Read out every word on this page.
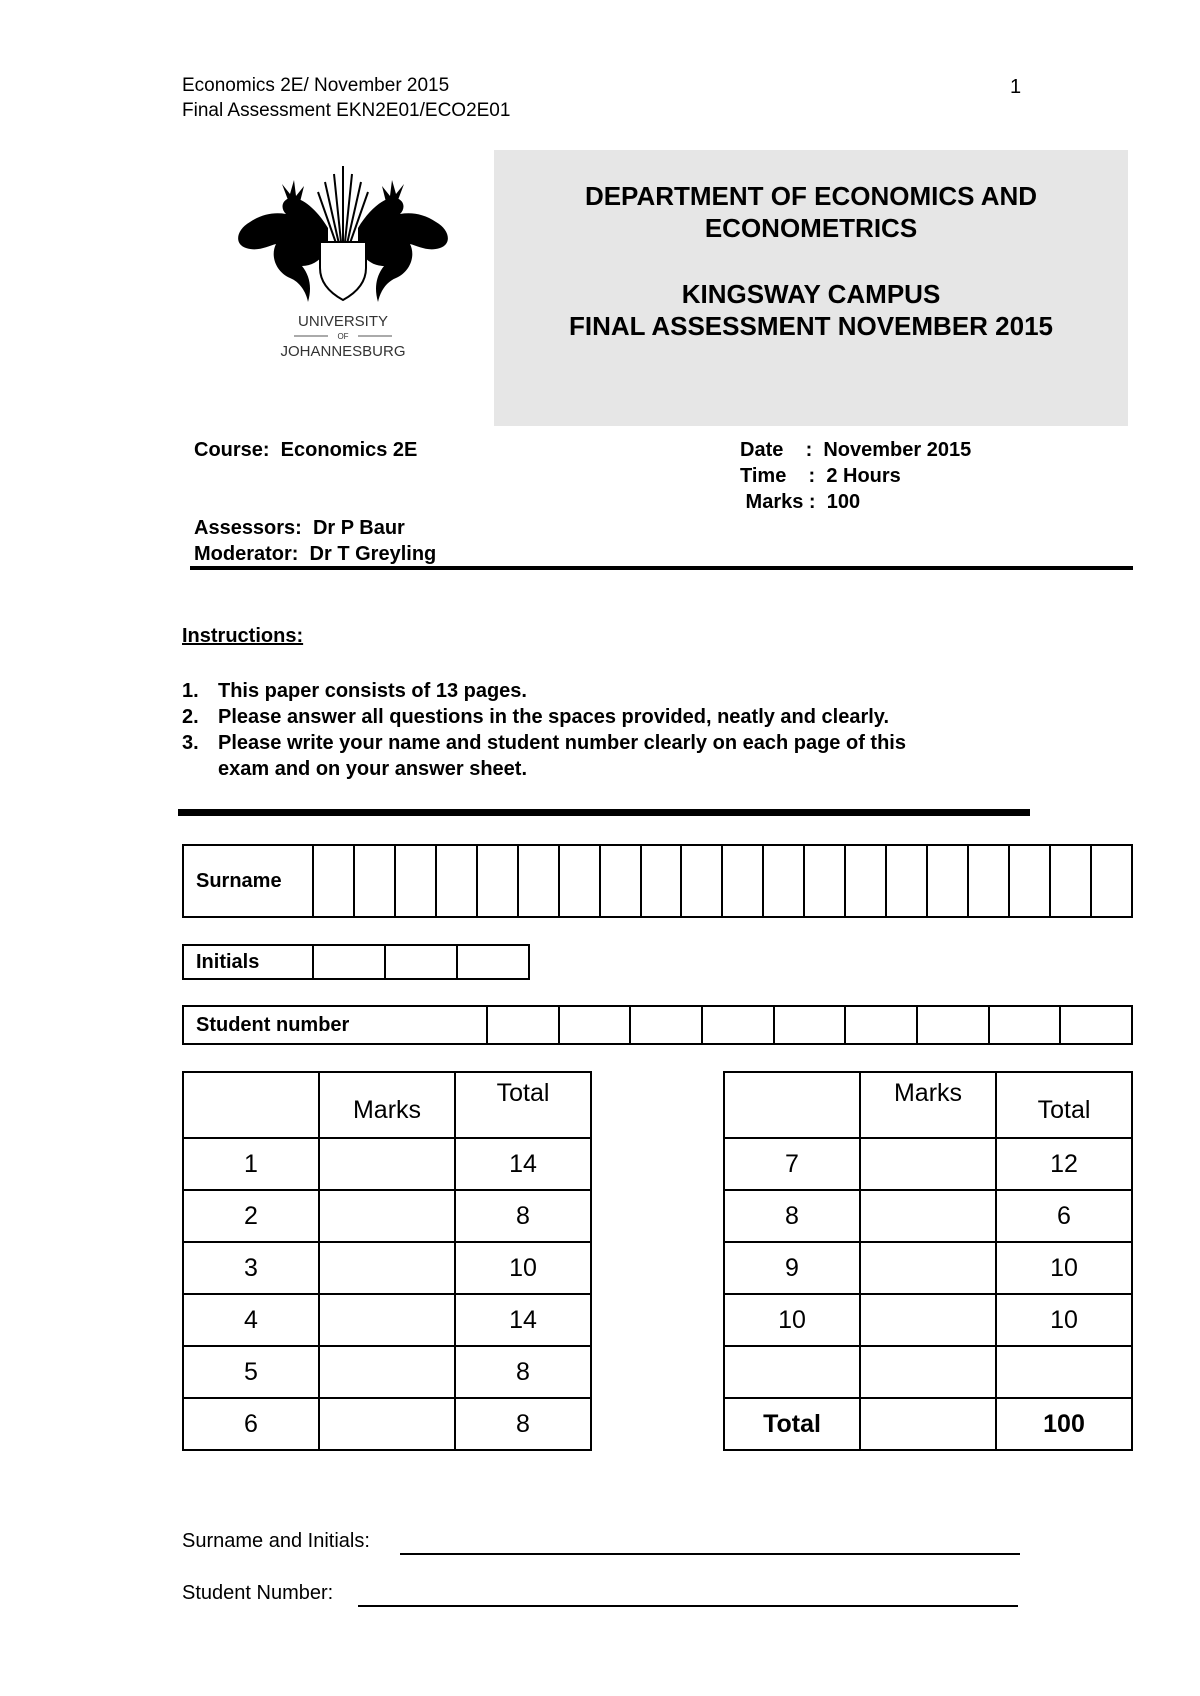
Economics 2E/ November 2015
Final Assessment EKN2E01/ECO2E01
1
UNIVERSITY
OF
JOHANNESBURG
DEPARTMENT OF ECONOMICS AND
ECONOMETRICS
KINGSWAY CAMPUS
FINAL ASSESSMENT NOVEMBER 2015
Course:  Economics 2E
Assessors:  Dr P Baur
Moderator:  Dr T Greyling
Date    :  November 2015
Time    :  2 Hours
Marks :  100
Instructions:
1. This paper consists of 13 pages.
2. Please answer all questions in the spaces provided, neatly and clearly.
3. Please write your name and student number clearly on each page of this
exam and on your answer sheet.
Surname																				
Initials			
Student number									
	Marks	Total
1		14
2		8
3		10
4		14
5		8
6		8
	Marks	Total
7		12
8		6
9		10
10		10

Total		100
Surname and Initials:
Student Number:
